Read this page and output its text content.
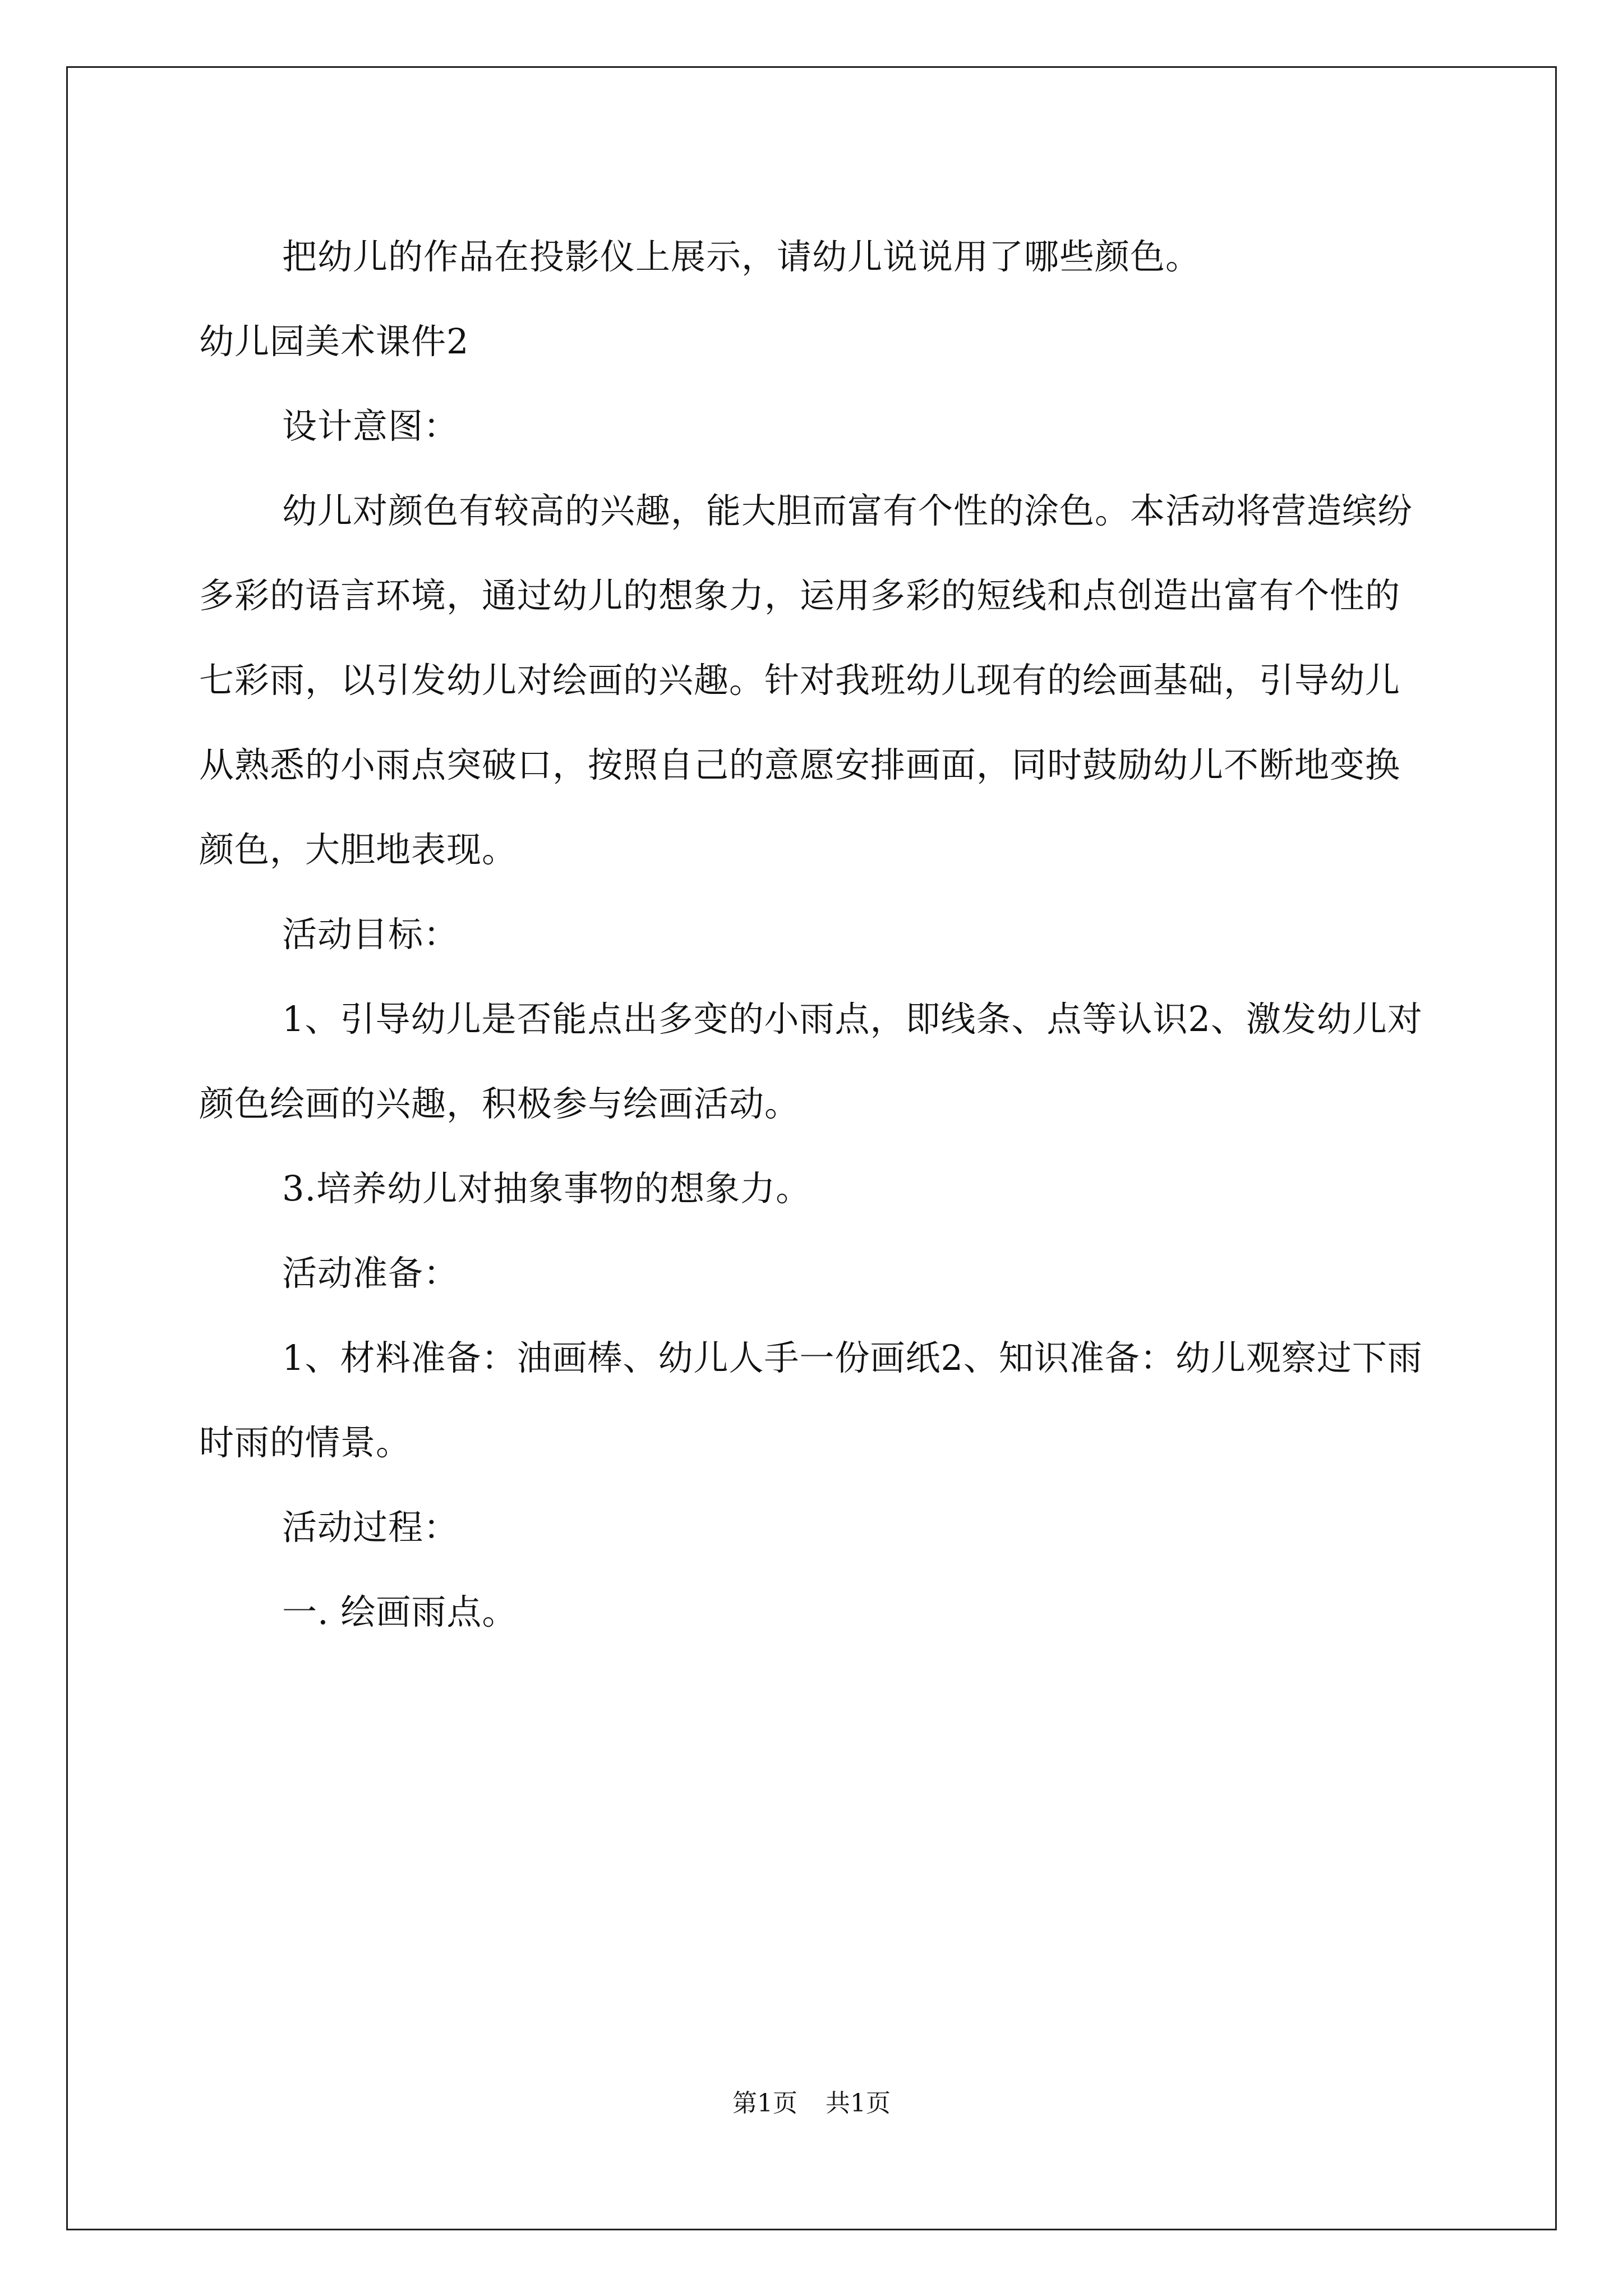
把幼儿的作品在投影仪上展示，请幼儿说说用了哪些颜色。

幼儿园美术课件2

设计意图：

幼儿对颜色有较高的兴趣，能大胆而富有个性的涂色。本活动将营造缤纷多彩的语言环境，通过幼儿的想象力，运用多彩的短线和点创造出富有个性的七彩雨，以引发幼儿对绘画的兴趣。针对我班幼儿现有的绘画基础，引导幼儿从熟悉的小雨点突破口，按照自己的意愿安排画面，同时鼓励幼儿不断地变换颜色，大胆地表现。

活动目标：

1、引导幼儿是否能点出多变的小雨点，即线条、点等认识2、激发幼儿对颜色绘画的兴趣，积极参与绘画活动。

3.培养幼儿对抽象事物的想象力。

活动准备：

1、材料准备：油画棒、幼儿人手一份画纸2、知识准备：幼儿观察过下雨时雨的情景。

活动过程：

一. 绘画雨点。

第1页 共1页
